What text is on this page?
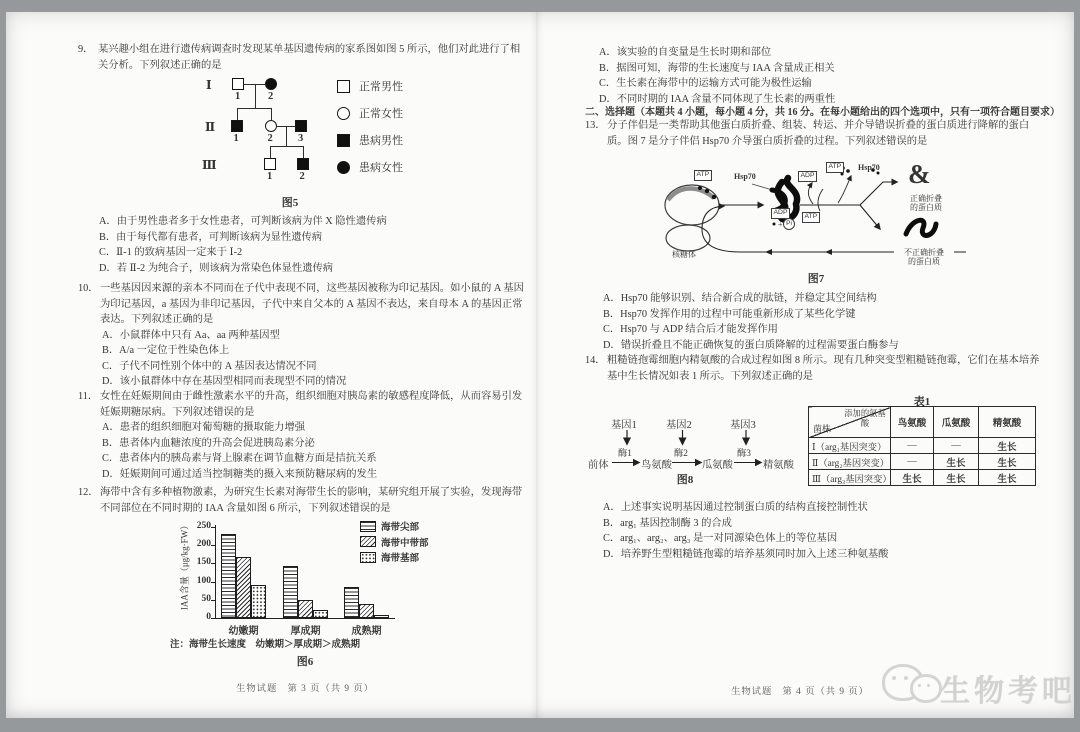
9． 某兴趣小组在进行遗传病调查时发现某单基因遗传病的家系图如图 5 所示，他们对此进行了相关分析。下列叙述正确的是
1	2
1	2 3
1	2
Ⅰ
Ⅱ
Ⅲ
图5
正常男性
正常女性
患病男性
患病女性
A．由于男性患者多于女性患者，可判断该病为伴 X 隐性遗传病
B．由于每代都有患者，可判断该病为显性遗传病
C．Ⅱ-1 的致病基因一定来于 Ⅰ-2
D．若 Ⅱ-2 为纯合子，则该病为常染色体显性遗传病
10． 一些基因因来源的亲本不同而在子代中表现不同，这些基因被称为印记基因。如小鼠的 A 基因为印记基因，a 基因为非印记基因，子代中来自父本的 A 基因不表达，来自母本 A 的基因正常表达。下列叙述正确的是
A．小鼠群体中只有 Aa、aa 两种基因型
B．A/a 一定位于性染色体上
C．子代不同性别个体中的 A 基因表达情况不同
D．该小鼠群体中存在基因型相同而表现型不同的情况
11． 女性在妊娠期间由于雌性激素水平的升高，组织细胞对胰岛素的敏感程度降低，从而容易引发妊娠期糖尿病。下列叙述错误的是
A．患者的组织细胞对葡萄糖的摄取能力增强
B．患者体内血糖浓度的升高会促进胰岛素分泌
C．患者体内的胰岛素与肾上腺素在调节血糖方面是拮抗关系
D．妊娠期间可通过适当控制糖类的摄入来预防糖尿病的发生
12． 海带中含有多种植物激素，为研究生长素对海带生长的影响，某研究组开展了实验，发现海带不同部位在不同时期的 IAA 含量如图 6 所示，下列叙述错误的是
IAA含量（μg/kg·FW）
0
50
100
150
200
250
幼嫩期	厚成期	成熟期
海带尖部
海带中带部
海带基部
注：海带生长速度　幼嫩期＞厚成期＞成熟期
图6
生物试题　第 3 页（共 9 页）
A．该实验的自变量是生长时期和部位
B．据图可知，海带的生长速度与 IAA 含量成正相关
C．生长素在海带中的运输方式可能为极性运输
D．不同时期的 IAA 含量不同体现了生长素的两重性
二、选择题（本题共 4 小题，每小题 4 分，共 16 分。在每小题给出的四个选项中，只有一项符合题目要求）
13． 分子伴侣是一类帮助其他蛋白质折叠、组装、转运、并介导错误折叠的蛋白质进行降解的蛋白质。图 7 是分子伴侣 Hsp70 介导蛋白质折叠的过程。下列叙述错误的是
ATP	Hsp70
核糖体
ADP
+ Pi
ADP
ATP
ATP	Hsp70 &
正确折叠
的蛋白质
不正确折叠
的蛋白质
图7
A．Hsp70 能够识别、结合新合成的肽链，并稳定其空间结构
B．Hsp70 发挥作用的过程中可能重新形成了某些化学键
C．Hsp70 与 ADP 结合后才能发挥作用
D．错误折叠且不能正确恢复的蛋白质降解的过程需要蛋白酶参与
14． 粗糙链孢霉细胞内精氨酸的合成过程如图 8 所示。现有几种突变型粗糙链孢霉，它们在基本培养基中生长情况如表 1 所示。下列叙述正确的是
基因1	基因2	基因3
酶1	酶2	酶3
前体	鸟氨酸	瓜氨酸	精氨酸
图8
表1
添加的氨基酸
菌株	鸟氨酸	瓜氨酸	精氨酸
Ⅰ（arg₁基因突变）	—	—	生长
Ⅱ（arg₂基因突变）	—	生长	生长
Ⅲ（arg₃基因突变）	生长	生长	生长
A．上述事实说明基因通过控制蛋白质的结构直接控制性状
B．arg₁ 基因控制酶 3 的合成
C．arg₁、arg₂、arg₃ 是一对同源染色体上的等位基因
D．培养野生型粗糙链孢霉的培养基须同时加入上述三种氨基酸
生物试题　第 4 页（共 9 页）	生物考吧
